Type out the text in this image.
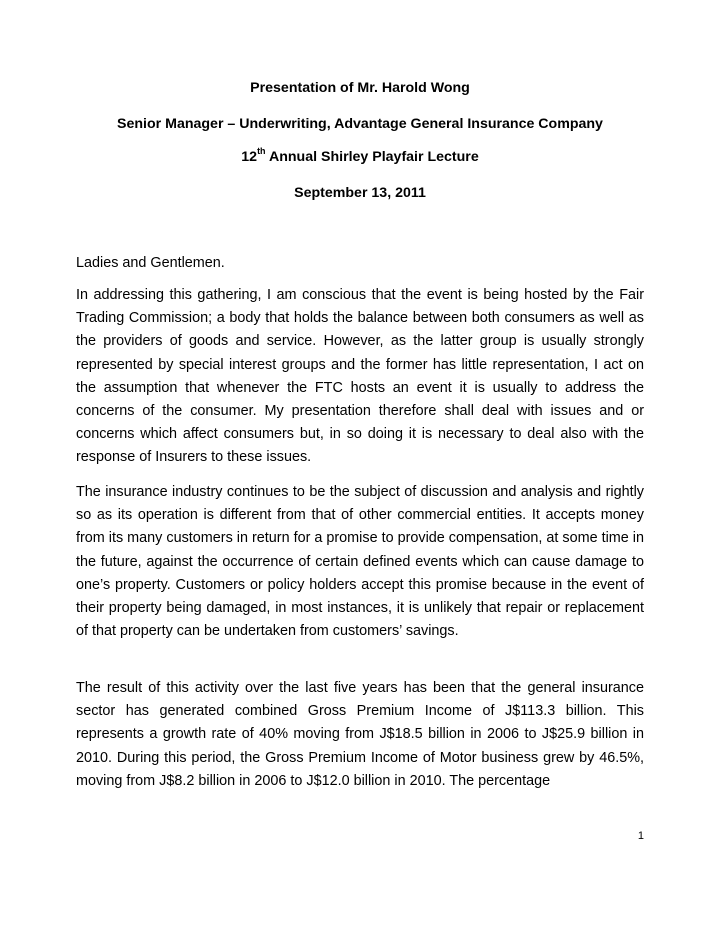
Presentation of Mr. Harold Wong
Senior Manager – Underwriting, Advantage General Insurance Company
12th Annual Shirley Playfair Lecture
September 13, 2011

Ladies and Gentlemen.

In addressing this gathering, I am conscious that the event is being hosted by the Fair Trading Commission; a body that holds the balance between both consumers as well as the providers of goods and service. However, as the latter group is usually strongly represented by special interest groups and the former has little representation, I act on the assumption that whenever the FTC hosts an event it is usually to address the concerns of the consumer. My presentation therefore shall deal with issues and or concerns which affect consumers but, in so doing it is necessary to deal also with the response of Insurers to these issues.

The insurance industry continues to be the subject of discussion and analysis and rightly so as its operation is different from that of other commercial entities. It accepts money from its many customers in return for a promise to provide compensation, at some time in the future, against the occurrence of certain defined events which can cause damage to one’s property. Customers or policy holders accept this promise because in the event of their property being damaged, in most instances, it is unlikely that repair or replacement of that property can be undertaken from customers’ savings.

The result of this activity over the last five years has been that the general insurance sector has generated combined Gross Premium Income of J$113.3 billion. This represents a growth rate of 40% moving from J$18.5 billion in 2006 to J$25.9 billion in 2010. During this period, the Gross Premium Income of Motor business grew by 46.5%, moving from J$8.2 billion in 2006 to J$12.0 billion in 2010. The percentage

1
